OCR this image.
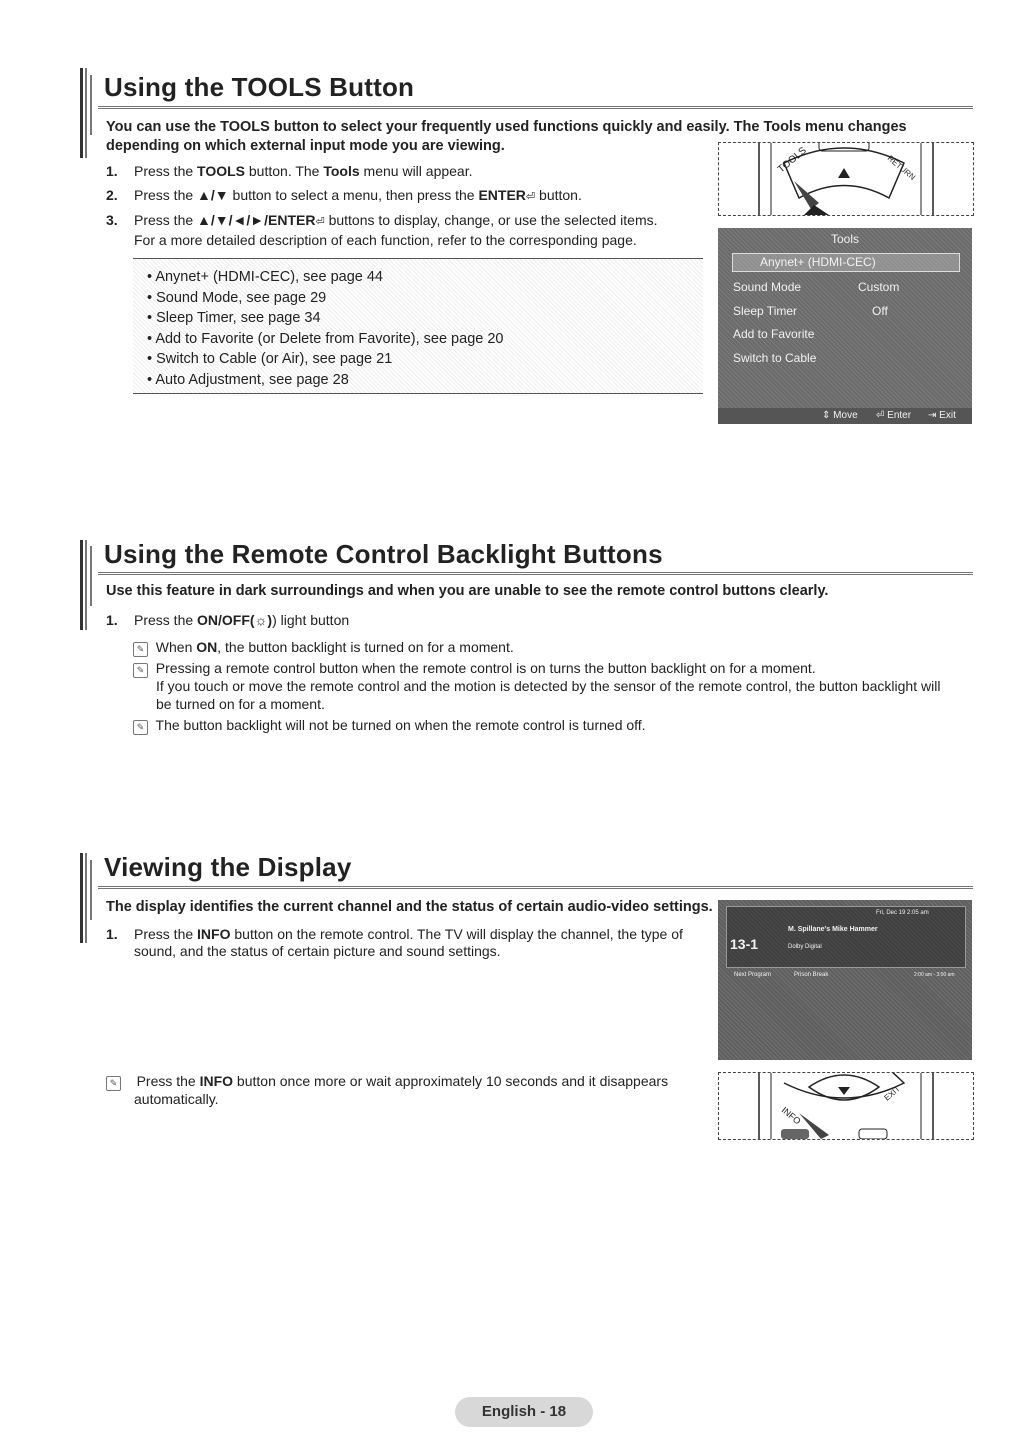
Using the TOOLS Button
You can use the TOOLS button to select your frequently used functions quickly and easily. The Tools menu changes
depending on which external input mode you are viewing.
1. Press the TOOLS button. The Tools menu will appear.
2. Press the ▲/▼ button to select a menu, then press the ENTER⏎ button.
3. Press the ▲/▼/◄/►/ENTER⏎ buttons to display, change, or use the selected items.
For a more detailed description of each function, refer to the corresponding page.
• Anynet+ (HDMI-CEC), see page 44
• Sound Mode, see page 29
• Sleep Timer, see page 34
• Add to Favorite (or Delete from Favorite), see page 20
• Switch to Cable (or Air), see page 21
• Auto Adjustment, see page 28
TOOLS	RETURN
Tools
Anynet+ (HDMI-CEC)
Sound Mode	Custom
Sleep Timer	Off
Add to Favorite
Switch to Cable
⇕ Move ⏎ Enter ⇥ Exit
Using the Remote Control Backlight Buttons
Use this feature in dark surroundings and when you are unable to see the remote control buttons clearly.
1. Press the ON/OFF(☼)) light button
✎ When ON, the button backlight is turned on for a moment.
✎ Pressing a remote control button when the remote control is on turns the button backlight on for a moment.
If you touch or move the remote control and the motion is detected by the sensor of the remote control, the button backlight will
be turned on for a moment.
✎ The button backlight will not be turned on when the remote control is turned off.
Viewing the Display
The display identifies the current channel and the status of certain audio-video settings.
1. Press the INFO button on the remote control. The TV will display the channel, the type of
sound, and the status of certain picture and sound settings.	13-1
M. Spillane's Mike Hammer
Fri, Dec 19 2:05 am
Dolby Digital
Next Program	Prison Break	2:00 am - 3:00 am
✎ Press the INFO button once more or wait approximately 10 seconds and it disappears
automatically.
INFO
EXIT
English - 18
